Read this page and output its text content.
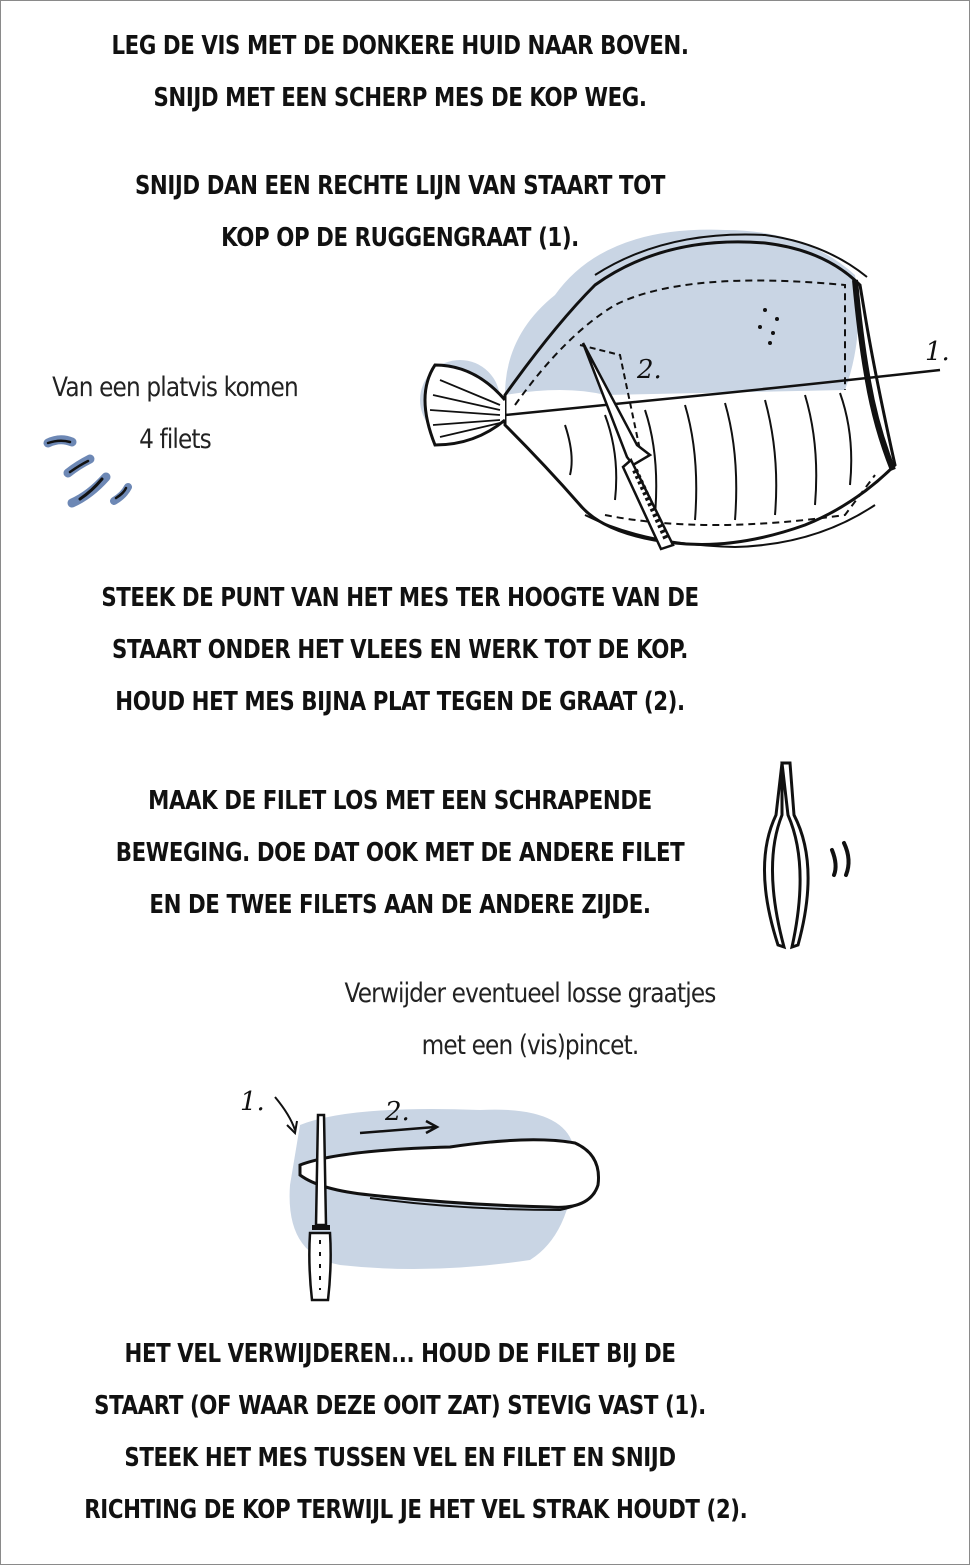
LEG DE VIS MET DE DONKERE HUID NAAR BOVEN.
SNIJD MET EEN SCHERP MES DE KOP WEG.
SNIJD DAN EEN RECHTE LIJN VAN STAART TOT
KOP OP DE RUGGENGRAAT (1).
Van een platvis komen
4 filets
2.
1.
STEEK DE PUNT VAN HET MES TER HOOGTE VAN DE
STAART ONDER HET VLEES EN WERK TOT DE KOP.
HOUD HET MES BIJNA PLAT TEGEN DE GRAAT (2).
MAAK DE FILET LOS MET EEN SCHRAPENDE
BEWEGING. DOE DAT OOK MET DE ANDERE FILET
EN DE TWEE FILETS AAN DE ANDERE ZIJDE.
Verwijder eventueel losse graatjes
met een (vis)pincet.
1.	2.
HET VEL VERWIJDEREN... HOUD DE FILET BIJ DE
STAART (OF WAAR DEZE OOIT ZAT) STEVIG VAST (1).
STEEK HET MES TUSSEN VEL EN FILET EN SNIJD
RICHTING DE KOP TERWIJL JE HET VEL STRAK HOUDT (2).
